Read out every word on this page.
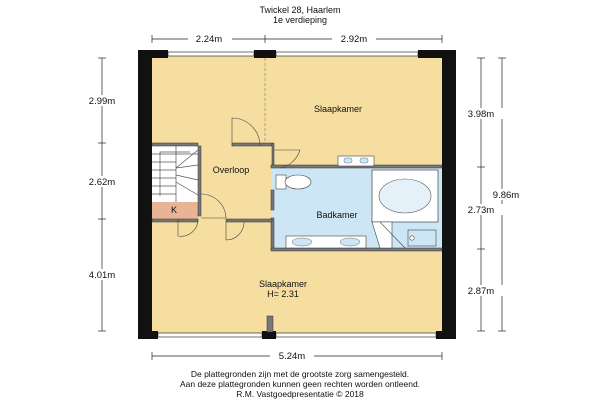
Twickel 28, Haarlem
1e verdieping
Slaapkamer
Overloop
Badkamer
K
Slaapkamer
H= 2.31
2.24m	2.92m
5.24m
2.99m
2.62m
4.01m
3.98m
2.73m
2.87m
9.86m
De plattegronden zijn met de grootste zorg samengesteld.
Aan deze plattegronden kunnen geen rechten worden ontleend.
R.M. Vastgoedpresentatie © 2018
